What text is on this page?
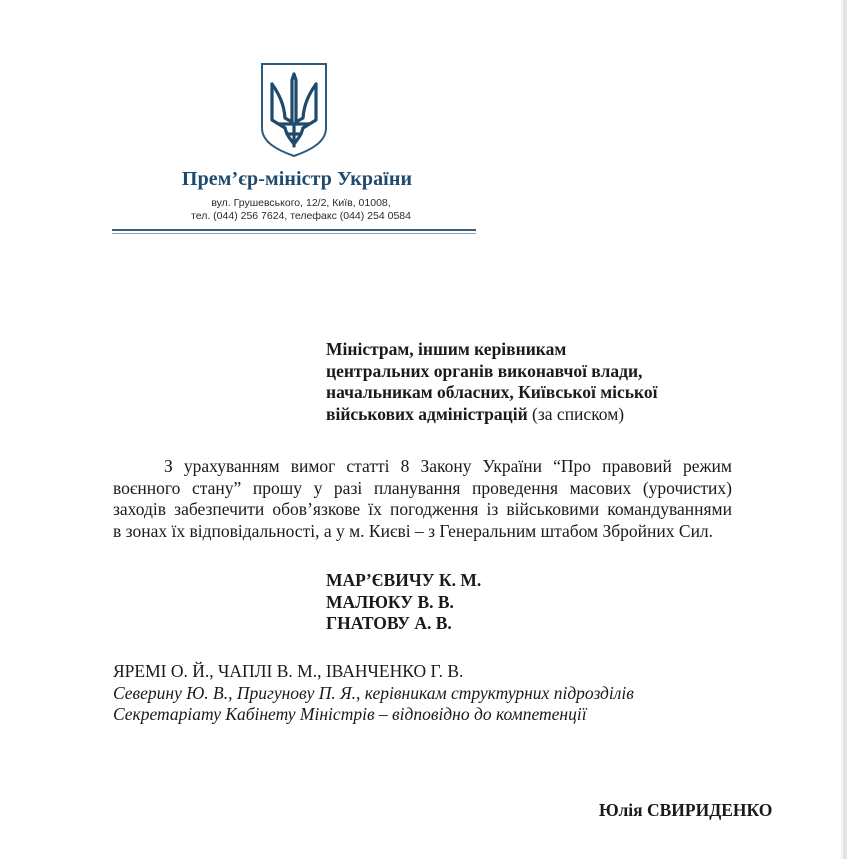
Прем’єр-міністр України
вул. Грушевського, 12/2, Київ, 01008,
тел. (044) 256 7624, телефакс (044) 254 0584
Міністрам, іншим керівникам
центральних органів виконавчої влади,
начальникам обласних, Київської міської
військових адміністрацій (за списком)
З урахуванням вимог статті 8 Закону України “Про правовий режим
воєнного стану” прошу у разі планування проведення масових (урочистих)
заходів забезпечити обов’язкове їх погодження із військовими командуваннями
в зонах їх відповідальності, а у м. Києві – з Генеральним штабом Збройних Сил.
МАР’ЄВИЧУ К. М.
МАЛЮКУ В. В.
ГНАТОВУ А. В.
ЯРЕМІ О. Й., ЧАПЛІ В. М., ІВАНЧЕНКО Г. В.
Северину Ю. В., Пригунову П. Я., керівникам структурних підрозділів
Секретаріату Кабінету Міністрів – відповідно до компетенції
Юлія СВИРИДЕНКО
